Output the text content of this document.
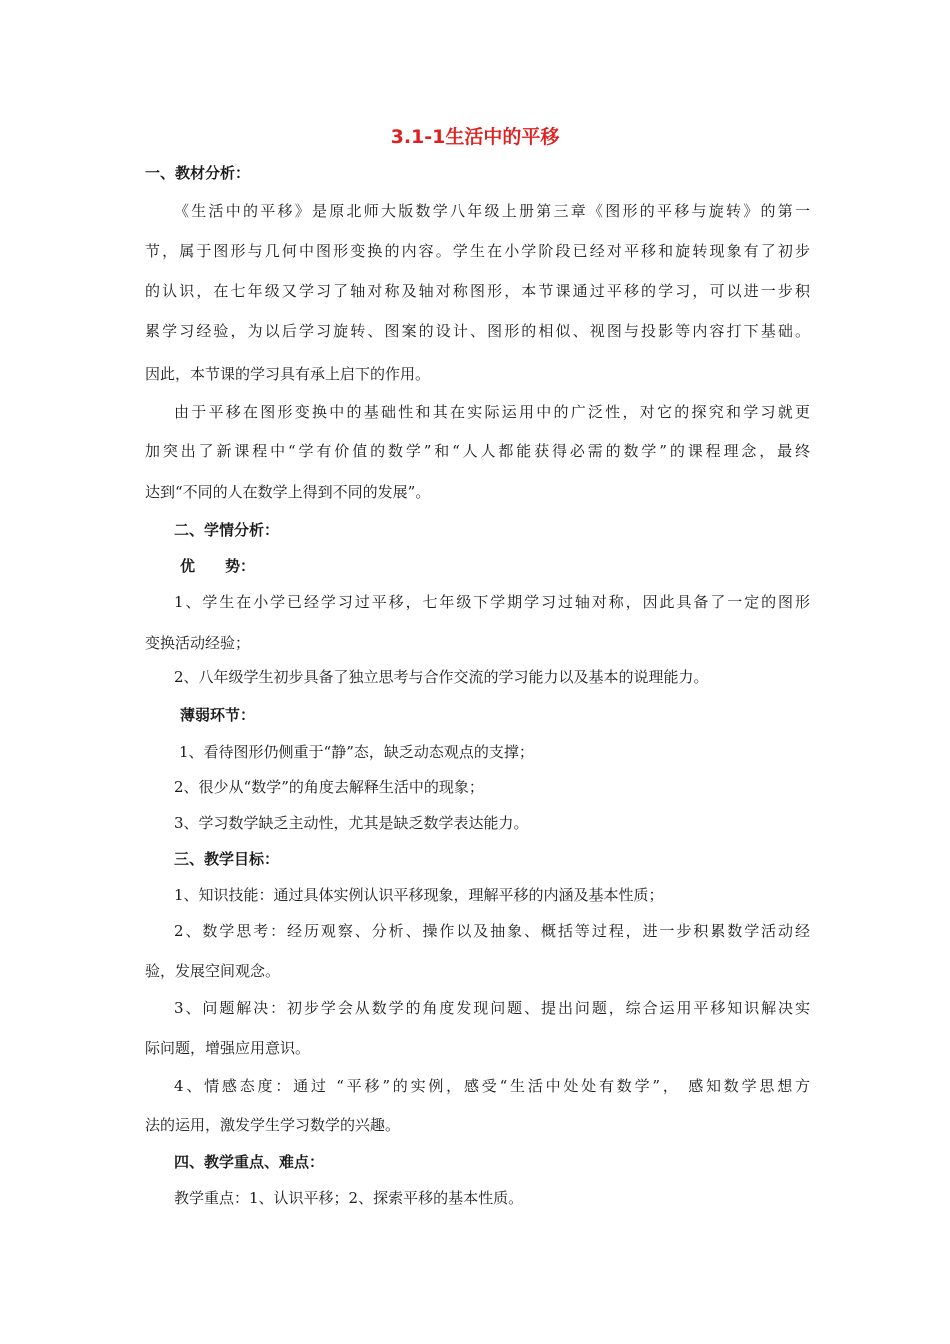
3.1-1生活中的平移

一、教材分析：

《生活中的平移》是原北师大版数学八年级上册第三章《图形的平移与旋转》的第一

节，属于图形与几何中图形变换的内容。学生在小学阶段已经对平移和旋转现象有了初步

的认识，在七年级又学习了轴对称及轴对称图形，本节课通过平移的学习，可以进一步积

累学习经验，为以后学习旋转、图案的设计、图形的相似、视图与投影等内容打下基础。

因此，本节课的学习具有承上启下的作用。

由于平移在图形变换中的基础性和其在实际运用中的广泛性，对它的探究和学习就更

加突出了新课程中“学有价值的数学”和“人人都能获得必需的数学”的课程理念，最终

达到“不同的人在数学上得到不同的发展”。

二、学情分析：

优　　势：

1、学生在小学已经学习过平移，七年级下学期学习过轴对称，因此具备了一定的图形

变换活动经验；

2、八年级学生初步具备了独立思考与合作交流的学习能力以及基本的说理能力。

薄弱环节：

1、看待图形仍侧重于“静”态，缺乏动态观点的支撑；

2、很少从“数学”的角度去解释生活中的现象；

3、学习数学缺乏主动性，尤其是缺乏数学表达能力。

三、教学目标：

1、知识技能：通过具体实例认识平移现象，理解平移的内涵及基本性质；

2、数学思考：经历观察、分析、操作以及抽象、概括等过程，进一步积累数学活动经

验，发展空间观念。

3、问题解决：初步学会从数学的角度发现问题、提出问题，综合运用平移知识解决实

际问题，增强应用意识。

4、情感态度：通过 “平移”的实例，感受“生活中处处有数学”， 感知数学思想方

法的运用，激发学生学习数学的兴趣。

四、教学重点、难点：

教学重点：1、认识平移；2、探索平移的基本性质。
